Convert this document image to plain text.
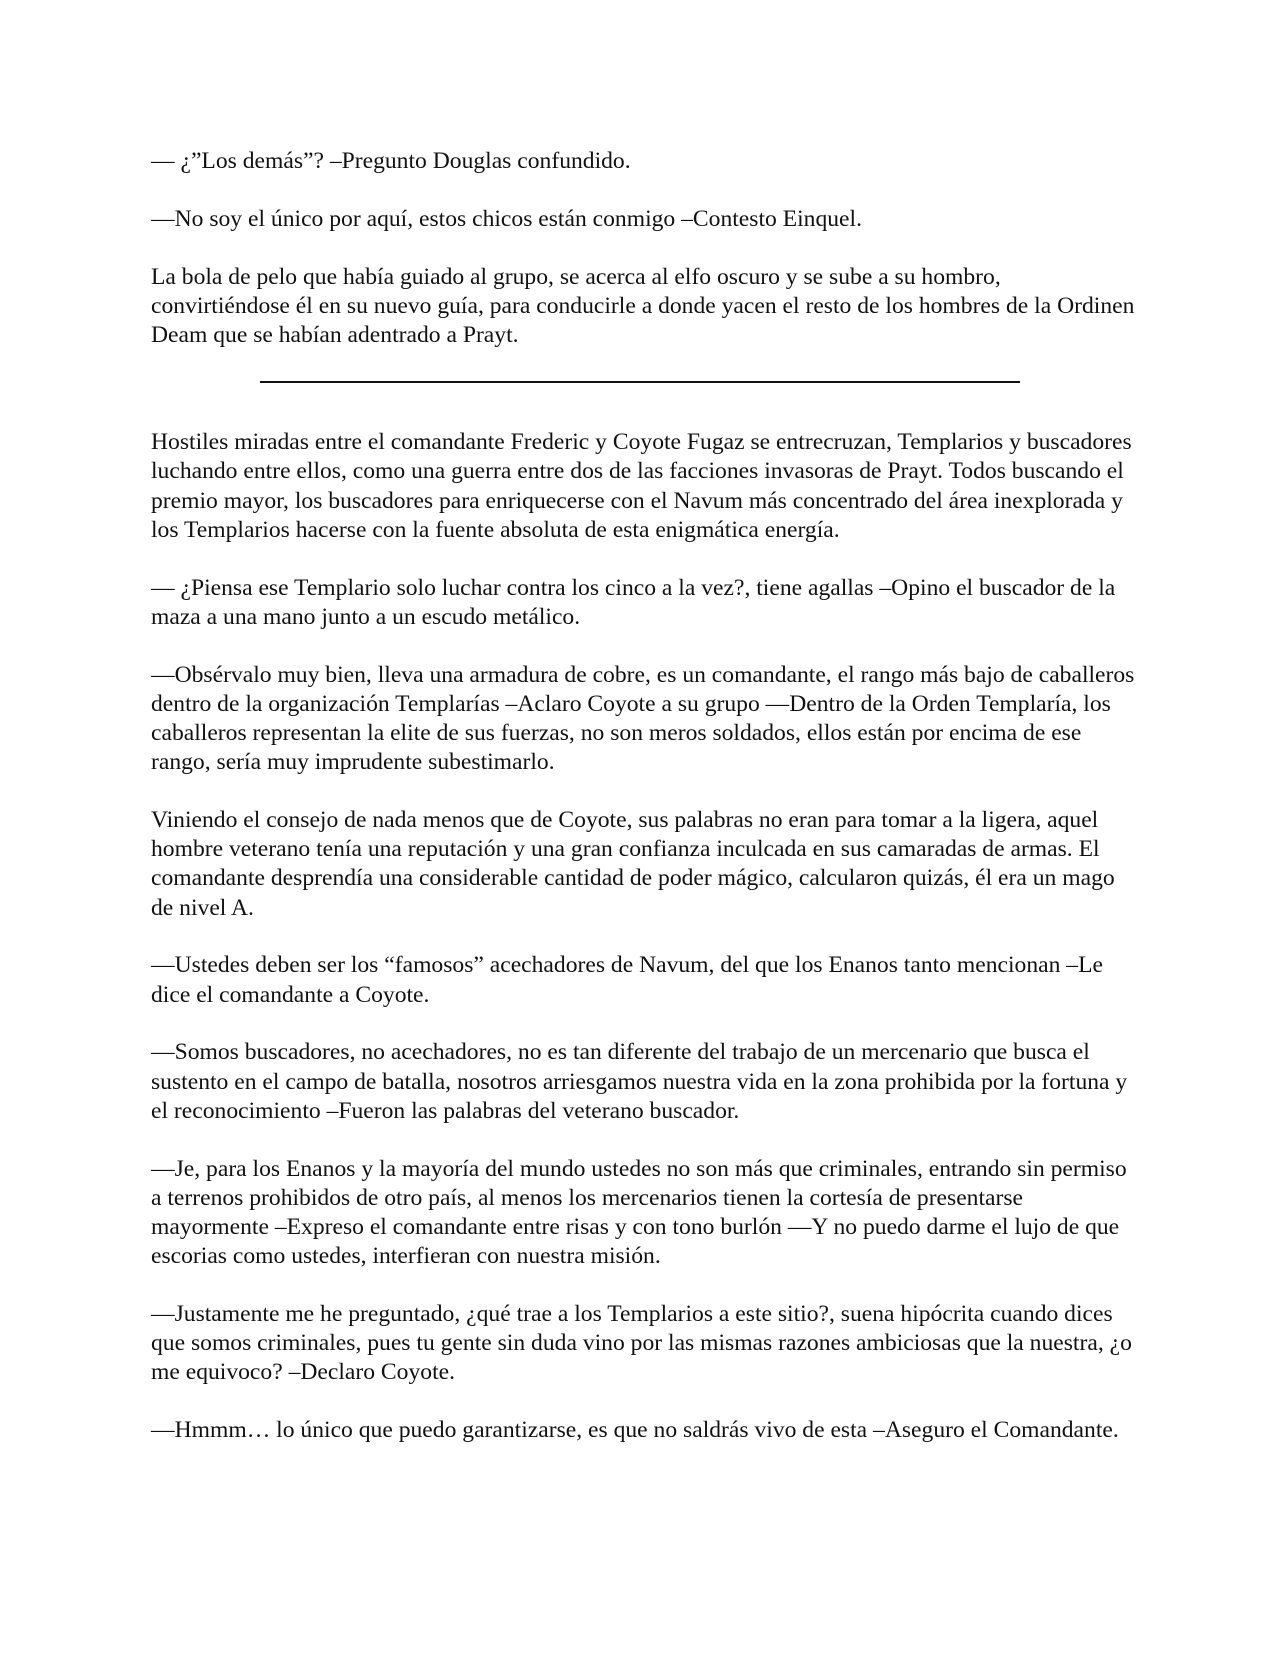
— ¿”Los demás”? –Pregunto Douglas confundido.

—No soy el único por aquí, estos chicos están conmigo –Contesto Einquel.

La bola de pelo que había guiado al grupo, se acerca al elfo oscuro y se sube a su hombro, convirtiéndose él en su nuevo guía, para conducirle a donde yacen el resto de los hombres de la Ordinen Deam que se habían adentrado a Prayt.

Hostiles miradas entre el comandante Frederic y Coyote Fugaz se entrecruzan, Templarios y buscadores luchando entre ellos, como una guerra entre dos de las facciones invasoras de Prayt. Todos buscando el premio mayor, los buscadores para enriquecerse con el Navum más concentrado del área inexplorada y los Templarios hacerse con la fuente absoluta de esta enigmática energía.

— ¿Piensa ese Templario solo luchar contra los cinco a la vez?, tiene agallas –Opino el buscador de la maza a una mano junto a un escudo metálico.

—Obsérvalo muy bien, lleva una armadura de cobre, es un comandante, el rango más bajo de caballeros dentro de la organización Templarías –Aclaro Coyote a su grupo —Dentro de la Orden Templaría, los caballeros representan la elite de sus fuerzas, no son meros soldados, ellos están por encima de ese rango, sería muy imprudente subestimarlo.

Viniendo el consejo de nada menos que de Coyote, sus palabras no eran para tomar a la ligera, aquel hombre veterano tenía una reputación y una gran confianza inculcada en sus camaradas de armas. El comandante desprendía una considerable cantidad de poder mágico, calcularon quizás, él era un mago de nivel A.

—Ustedes deben ser los “famosos” acechadores de Navum, del que los Enanos tanto mencionan –Le dice el comandante a Coyote.

—Somos buscadores, no acechadores, no es tan diferente del trabajo de un mercenario que busca el sustento en el campo de batalla, nosotros arriesgamos nuestra vida en la zona prohibida por la fortuna y el reconocimiento –Fueron las palabras del veterano buscador.

—Je, para los Enanos y la mayoría del mundo ustedes no son más que criminales, entrando sin permiso a terrenos prohibidos de otro país, al menos los mercenarios tienen la cortesía de presentarse mayormente –Expreso el comandante entre risas y con tono burlón —Y no puedo darme el lujo de que escorias como ustedes, interfieran con nuestra misión.

—Justamente me he preguntado, ¿qué trae a los Templarios a este sitio?, suena hipócrita cuando dices que somos criminales, pues tu gente sin duda vino por las mismas razones ambiciosas que la nuestra, ¿o me equivoco? –Declaro Coyote.

—Hmmm… lo único que puedo garantizarse, es que no saldrás vivo de esta –Aseguro el Comandante.
